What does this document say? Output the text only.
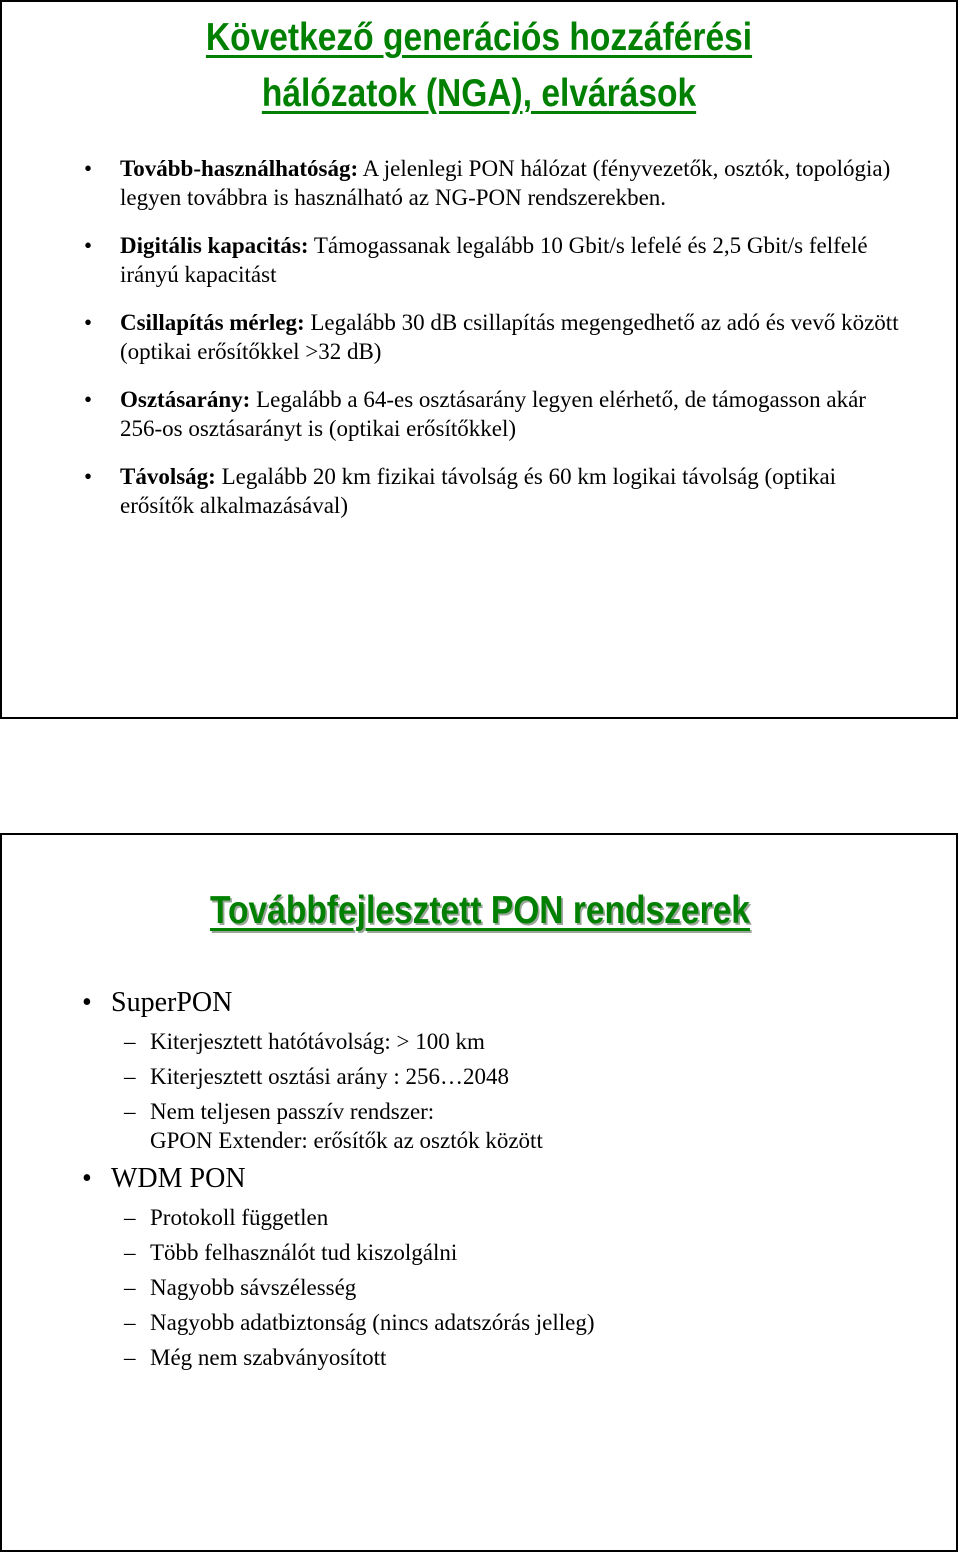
Következő generációs hozzáférési
hálózatok (NGA), elvárások
• Tovább-használhatóság: A jelenlegi PON hálózat (fényvezetők, osztók, topológia) legyen továbbra is használható az NG-PON rendszerekben.
• Digitális kapacitás: Támogassanak legalább 10 Gbit/s lefelé és 2,5 Gbit/s felfelé irányú kapacitást
• Csillapítás mérleg: Legalább 30 dB csillapítás megengedhető az adó és vevő között (optikai erősítőkkel >32 dB)
• Osztásarány: Legalább a 64-es osztásarány legyen elérhető, de támogasson akár 256-os osztásarányt is (optikai erősítőkkel)
• Távolság: Legalább 20 km fizikai távolság és 60 km logikai távolság (optikai erősítők alkalmazásával)
Továbbfejlesztett PON rendszerek
• SuperPON
– Kiterjesztett hatótávolság: > 100 km
– Kiterjesztett osztási arány : 256…2048
– Nem teljesen passzív rendszer:
GPON Extender: erősítők az osztók között
• WDM PON
– Protokoll független
– Több felhasználót tud kiszolgálni
– Nagyobb sávszélesség
– Nagyobb adatbiztonság (nincs adatszórás jelleg)
– Még nem szabványosított
